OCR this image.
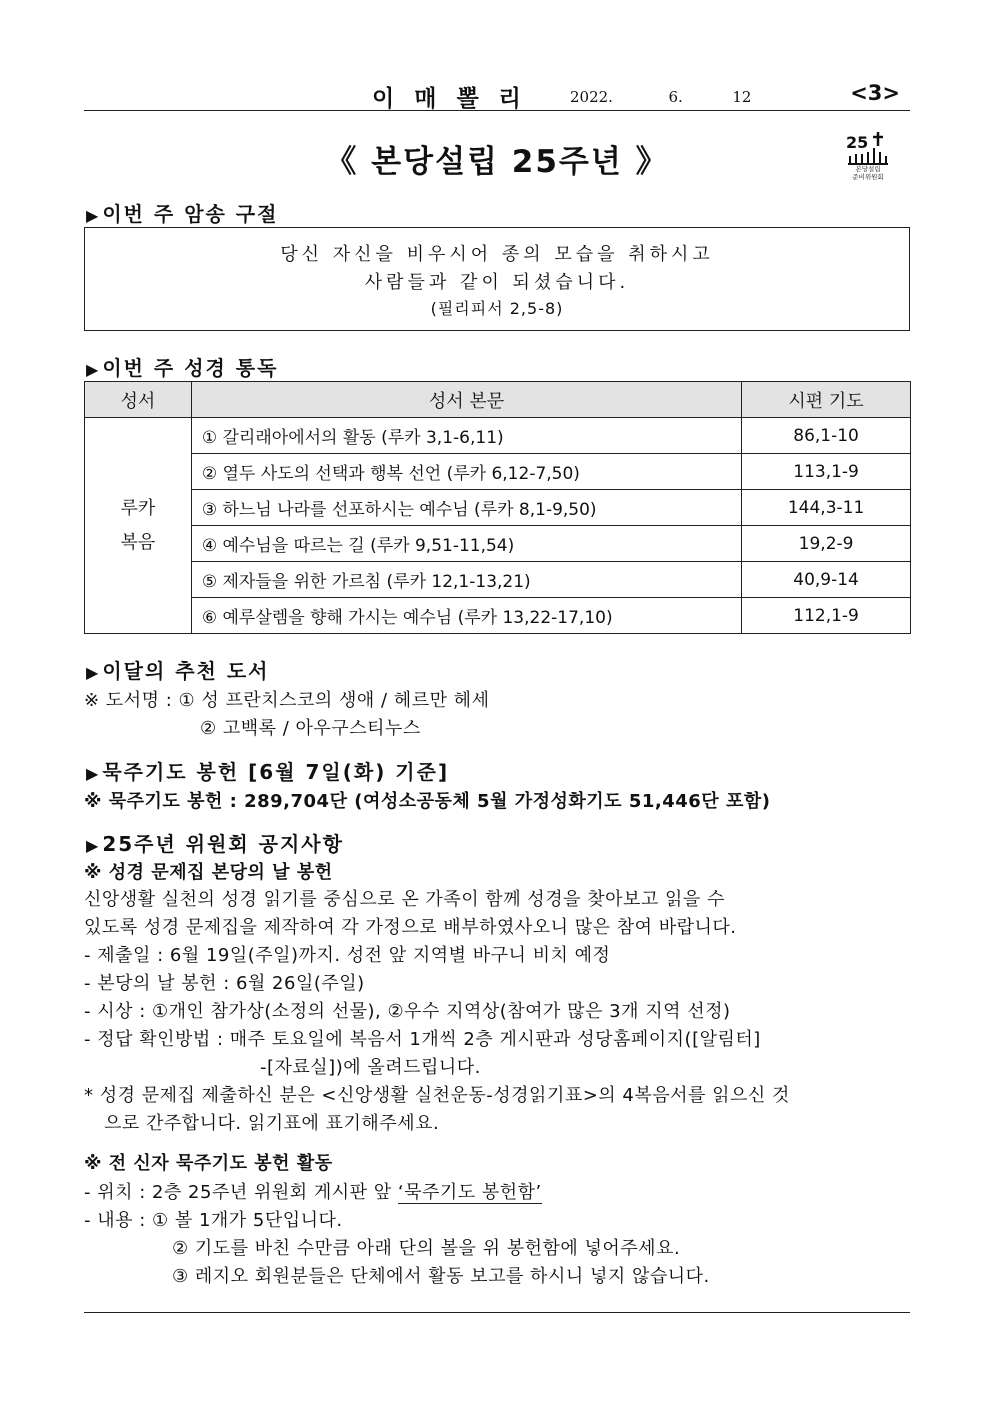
이 매 뽈 리	2022.	6.	12	<3>
《 본당설립 25주년 》
25
본당설립
준비위원회
▶ 이번 주 암송 구절
당신 자신을 비우시어 종의 모습을 취하시고
사람들과 같이 되셨습니다.
(필리피서 2,5-8)
▶ 이번 주 성경 통독
성서	성서 본문	시편 기도
루카
복음	① 갈리래아에서의 활동 (루카 3,1-6,11)	86,1-10
	② 열두 사도의 선택과 행복 선언 (루카 6,12-7,50)	113,1-9
	③ 하느님 나라를 선포하시는 예수님 (루카 8,1-9,50)	144,3-11
	④ 예수님을 따르는 길 (루카 9,51-11,54)	19,2-9
	⑤ 제자들을 위한 가르침 (루카 12,1-13,21)	40,9-14
	⑥ 예루살렘을 향해 가시는 예수님 (루카 13,22-17,10)	112,1-9
▶ 이달의 추천 도서
※ 도서명 : ① 성 프란치스코의 생애 / 헤르만 헤세
② 고백록 / 아우구스티누스
▶ 묵주기도 봉헌 [6월 7일(화) 기준]
※ 묵주기도 봉헌 : 289,704단 (여성소공동체 5월 가정성화기도 51,446단 포함)
▶ 25주년 위원회 공지사항
※ 성경 문제집 본당의 날 봉헌
신앙생활 실천의 성경 읽기를 중심으로 온 가족이 함께 성경을 찾아보고 읽을 수
있도록 성경 문제집을 제작하여 각 가정으로 배부하였사오니 많은 참여 바랍니다.
- 제출일 : 6월 19일(주일)까지. 성전 앞 지역별 바구니 비치 예정
- 본당의 날 봉헌 : 6월 26일(주일)
- 시상 : ①개인 참가상(소정의 선물), ②우수 지역상(참여가 많은 3개 지역 선정)
- 정답 확인방법 : 매주 토요일에 복음서 1개씩 2층 게시판과 성당홈페이지([알림터]
-[자료실])에 올려드립니다.
* 성경 문제집 제출하신 분은 <신앙생활 실천운동-성경읽기표>의 4복음서를 읽으신 것
으로 간주합니다. 읽기표에 표기해주세요.
※ 전 신자 묵주기도 봉헌 활동
- 위치 : 2층 25주년 위원회 게시판 앞 ‘묵주기도 봉헌함’
- 내용 : ① 볼 1개가 5단입니다.
② 기도를 바친 수만큼 아래 단의 볼을 위 봉헌함에 넣어주세요.
③ 레지오 회원분들은 단체에서 활동 보고를 하시니 넣지 않습니다.
